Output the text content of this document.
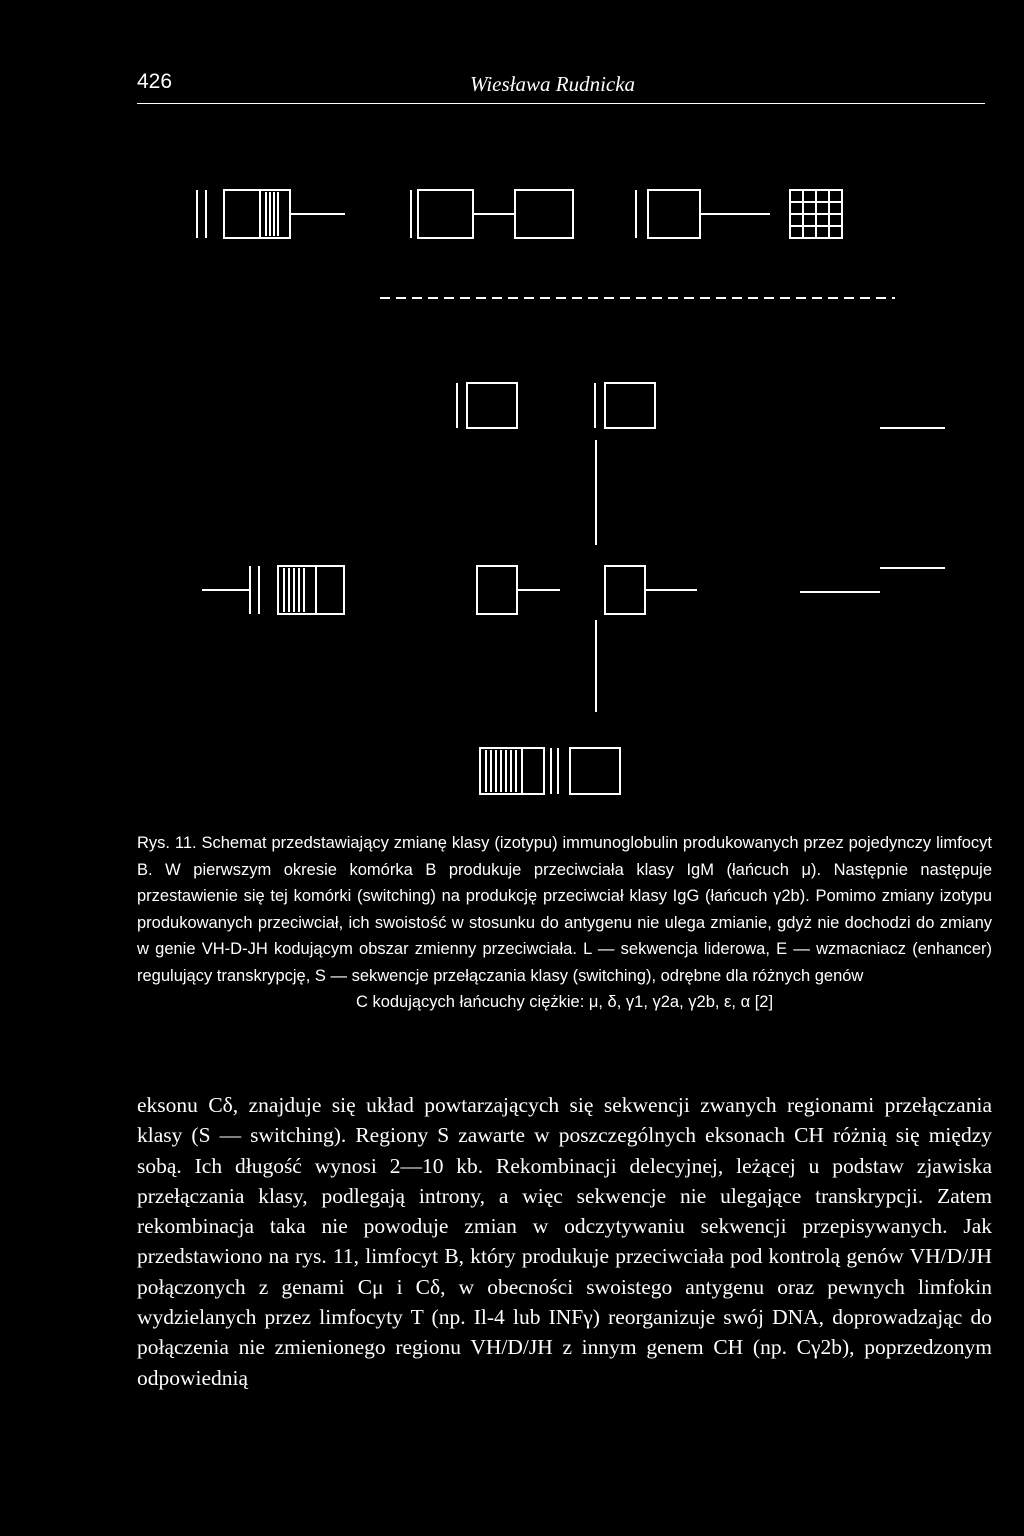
426	Wiesława Rudnicka
Rys. 11. Schemat przedstawiający zmianę klasy (izotypu) immunoglobulin produkowanych przez pojedynczy limfocyt B. W pierwszym okresie komórka B produkuje przeciwciała klasy IgM (łańcuch μ). Następnie następuje przestawienie się tej komórki (switching) na produkcję przeciwciał klasy IgG (łańcuch γ2b). Pomimo zmiany izotypu produkowanych przeciwciał, ich swoistość w stosunku do antygenu nie ulega zmianie, gdyż nie dochodzi do zmiany w genie VH-D-JH kodującym obszar zmienny przeciwciała. L — sekwencja liderowa, E — wzmacniacz (enhancer) regulujący transkrypcję, S — sekwencje przełączania klasy (switching), odrębne dla różnych genów
C kodujących łańcuchy ciężkie: μ, δ, γ1, γ2a, γ2b, ε, α [2]

eksonu Cδ, znajduje się układ powtarzających się sekwencji zwanych regionami przełączania klasy (S — switching). Regiony S zawarte w poszczególnych eksonach CH różnią się między sobą. Ich długość wynosi 2—10 kb. Rekombinacji delecyjnej, leżącej u podstaw zjawiska przełączania klasy, podlegają introny, a więc sekwencje nie ulegające transkrypcji. Zatem rekombinacja taka nie powoduje zmian w odczytywaniu sekwencji przepisywanych. Jak przedstawiono na rys. 11, limfocyt B, który produkuje przeciwciała pod kontrolą genów VH/D/JH połączonych z genami Cμ i Cδ, w obecności swoistego antygenu oraz pewnych limfokin wydzielanych przez limfocyty T (np. Il-4 lub INFγ) reorganizuje swój DNA, doprowadzając do połączenia nie zmienionego regionu VH/D/JH z innym genem CH (np. Cγ2b), poprzedzonym odpowiednią
